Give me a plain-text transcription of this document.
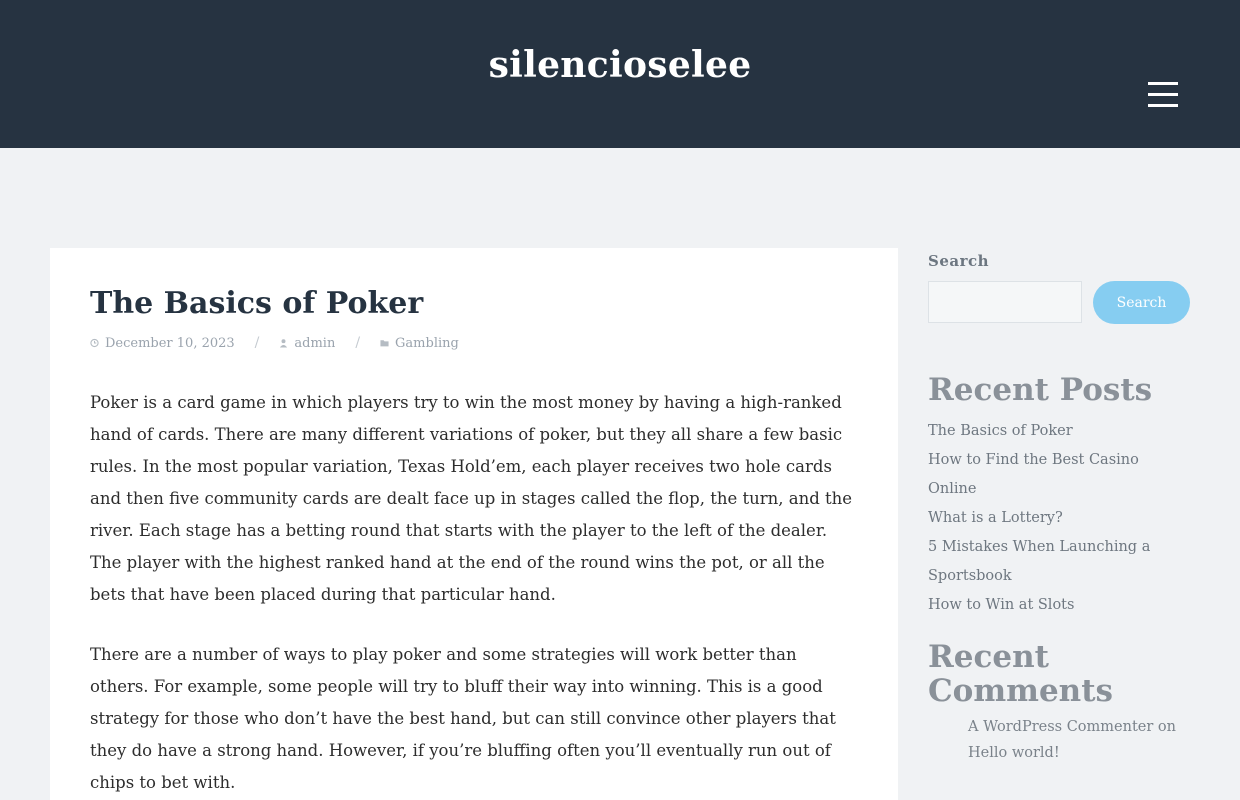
silencioselee
The Basics of Poker
December 10, 2023 /	admin /	Gambling

Poker is a card game in which players try to win the most money by having a high-ranked hand of cards. There are many different variations of poker, but they all share a few basic rules. In the most popular variation, Texas Hold’em, each player receives two hole cards and then five community cards are dealt face up in stages called the flop, the turn, and the river. Each stage has a betting round that starts with the player to the left of the dealer. The player with the highest ranked hand at the end of the round wins the pot, or all the bets that have been placed during that particular hand.

There are a number of ways to play poker and some strategies will work better than others. For example, some people will try to bluff their way into winning. This is a good strategy for those who don’t have the best hand, but can still convince other players that they do have a strong hand. However, if you’re bluffing often you’ll eventually run out of chips to bet with.

Search
Search
Recent Posts
The Basics of Poker
How to Find the Best Casino Online
What is a Lottery?
5 Mistakes When Launching a Sportsbook
How to Win at Slots
Recent Comments
A WordPress Commenter on Hello world!
